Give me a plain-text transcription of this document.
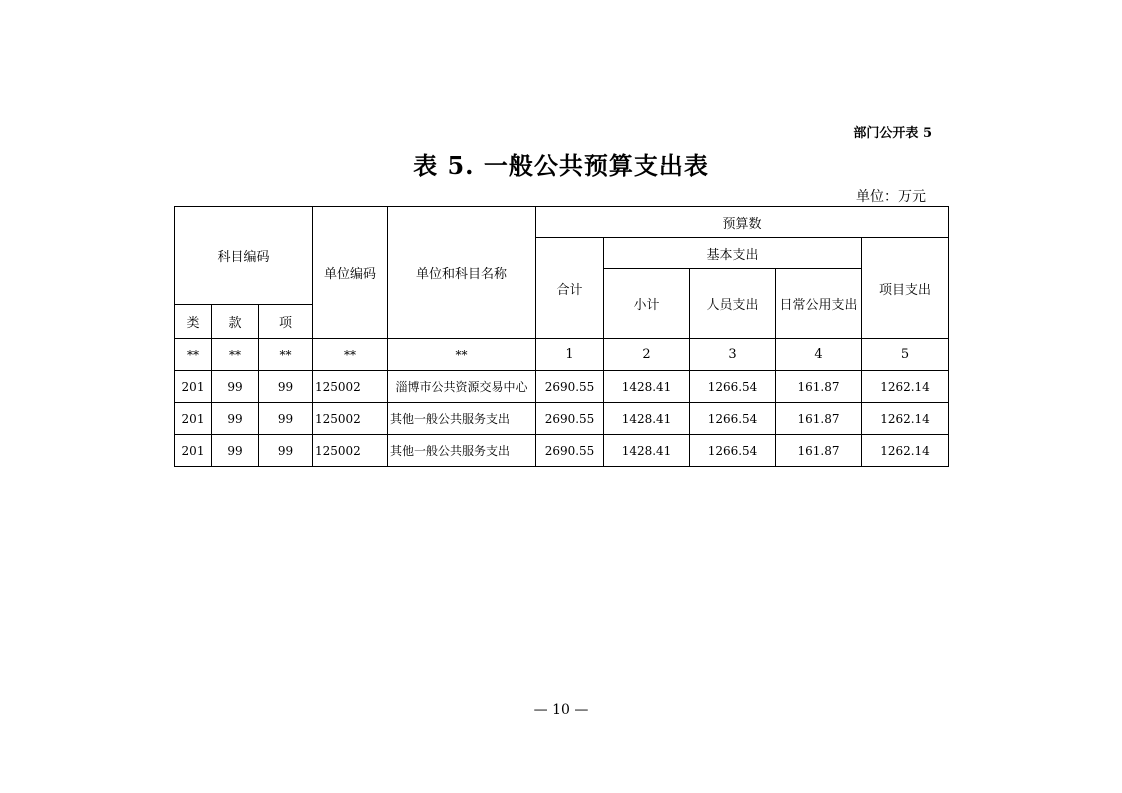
部门公开表 5
表 5. 一般公共预算支出表
单位：万元
科目编码			单位编码	单位和科目名称	预算数				
					合计	基本支出			项目支出
						小计	人员支出	日常公用支出	
类	款	项							
**	**	**	**	**	1	2	3	4	5
201	99	99	125002	淄博市公共资源交易中心	2690.55	1428.41	1266.54	161.87	1262.14
201	99	99	125002	其他一般公共服务支出	2690.55	1428.41	1266.54	161.87	1262.14
201	99	99	125002	其他一般公共服务支出	2690.55	1428.41	1266.54	161.87	1262.14
— 10 —
